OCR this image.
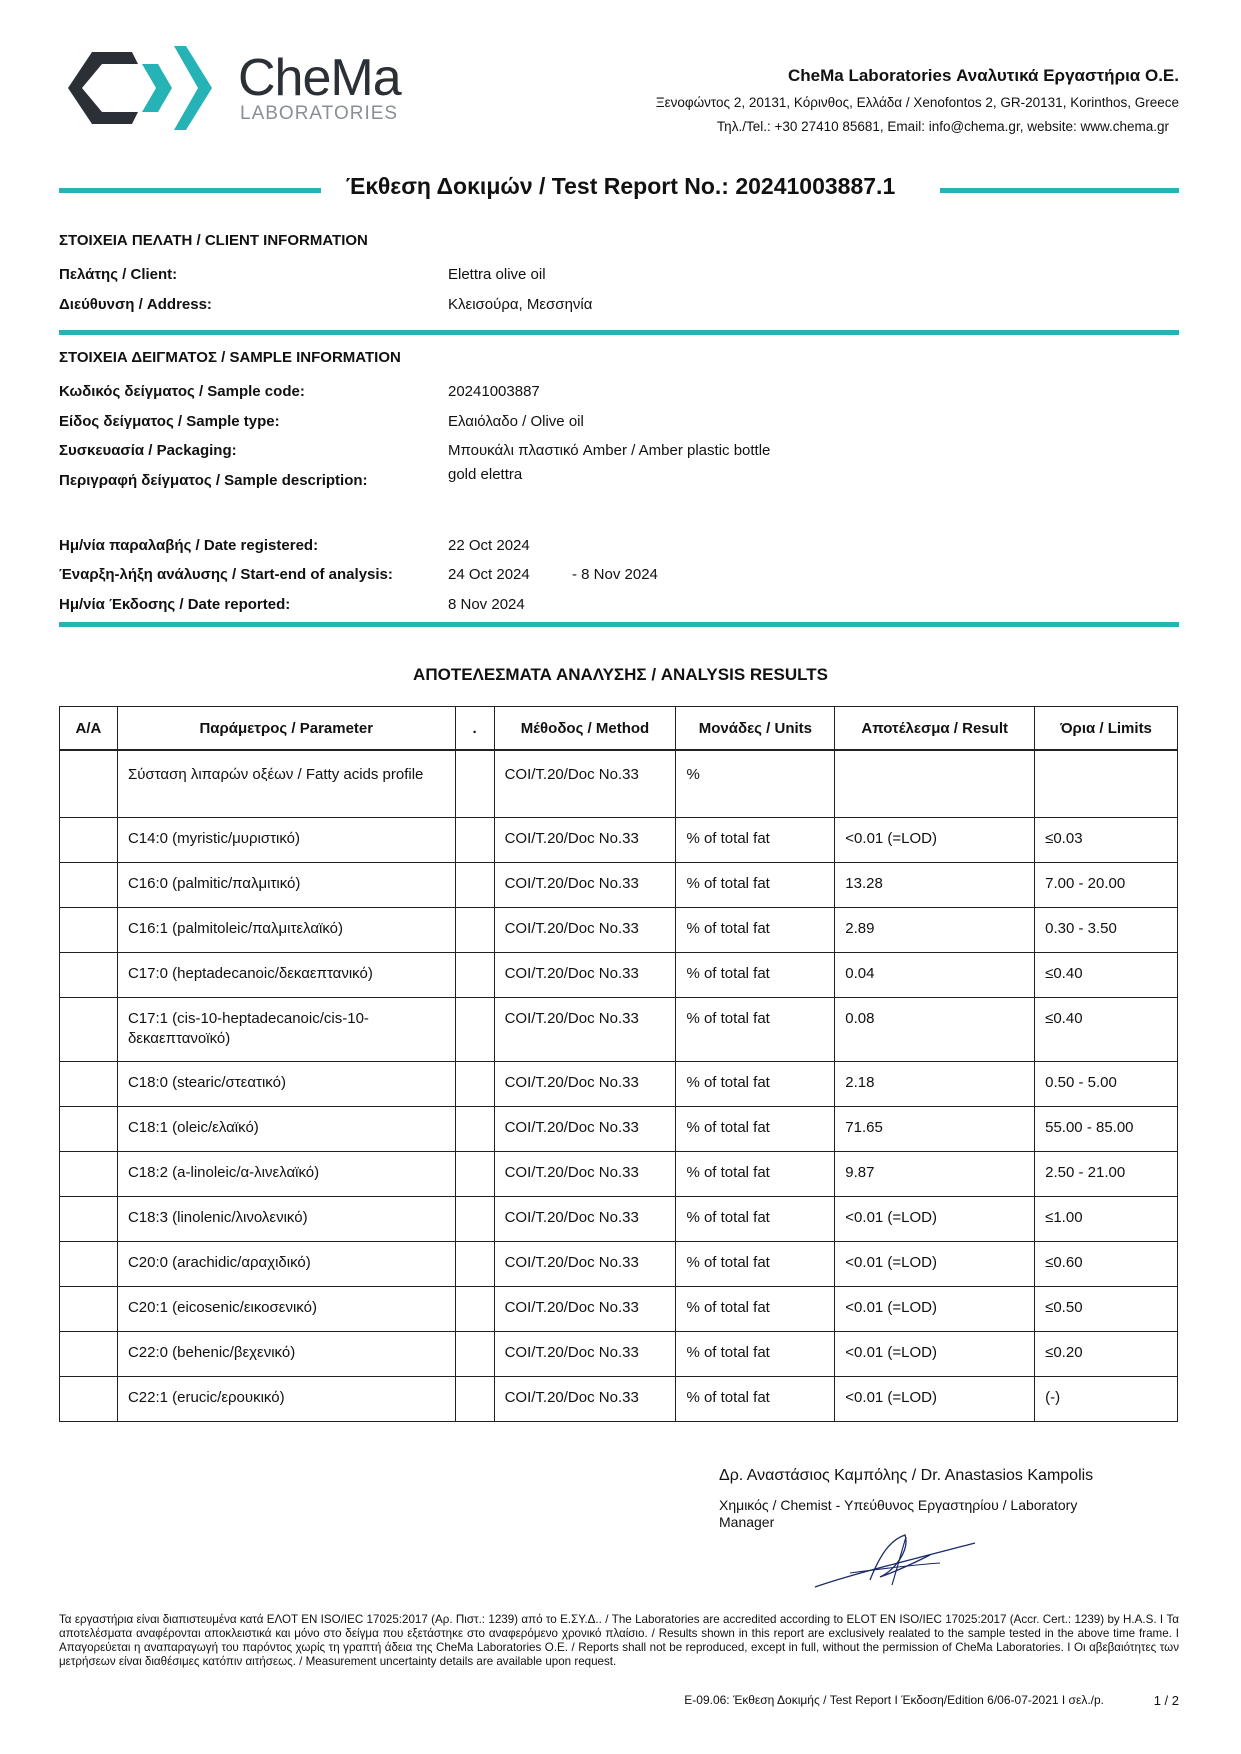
CheMa
LABORATORIES
CheMa Laboratories Αναλυτικά Εργαστήρια Ο.Ε.
Ξενοφώντος 2, 20131, Κόρινθος, Ελλάδα / Xenofontos 2, GR-20131, Korinthos, Greece
Τηλ./Tel.: +30 27410 85681, Email: info@chema.gr, website: www.chema.gr
Έκθεση Δοκιμών / Test Report No.: 20241003887.1
ΣΤΟΙΧΕΙΑ ΠΕΛΑΤΗ / CLIENT INFORMATION
Πελάτης / Client:	Elettra olive oil
Διεύθυνση / Address:	Κλεισούρα, Μεσσηνία
ΣΤΟΙΧΕΙΑ ΔΕΙΓΜΑΤΟΣ / SAMPLE INFORMATION
Κωδικός δείγματος / Sample code:	20241003887
Είδος δείγματος / Sample type:	Ελαιόλαδο / Olive oil
Συσκευασία / Packaging:	Μπουκάλι πλαστικό Amber / Amber plastic bottle
Περιγραφή δείγματος / Sample description:	gold elettra
Ημ/νία παραλαβής / Date registered:	22 Oct 2024
Έναρξη-λήξη ανάλυσης / Start-end of analysis:	24 Oct 2024	- 8 Nov 2024
Ημ/νία Έκδοσης / Date reported:	8 Nov 2024
ΑΠΟΤΕΛΕΣΜΑΤΑ ΑΝΑΛΥΣΗΣ / ANALYSIS RESULTS
A/A	Παράμετρος / Parameter	.	Μέθοδος / Method	Μονάδες / Units	Αποτέλεσμα / Result	Όρια / Limits
	Σύσταση λιπαρών οξέων / Fatty acids profile		COI/T.20/Doc No.33	%		
	C14:0 (myristic/μυριστικό)		COI/T.20/Doc No.33	% of total fat	<0.01 (=LOD)	≤0.03
	C16:0 (palmitic/παλμιτικό)		COI/T.20/Doc No.33	% of total fat	13.28	7.00 - 20.00
	C16:1 (palmitoleic/παλμιτελαϊκό)		COI/T.20/Doc No.33	% of total fat	2.89	0.30 - 3.50
	C17:0 (heptadecanoic/δεκαεπτανικό)		COI/T.20/Doc No.33	% of total fat	0.04	≤0.40
	C17:1 (cis-10-heptadecanoic/cis-10-δεκαεπτανοϊκό)		COI/T.20/Doc No.33	% of total fat	0.08	≤0.40
	C18:0 (stearic/στεατικό)		COI/T.20/Doc No.33	% of total fat	2.18	0.50 - 5.00
	C18:1 (oleic/ελαϊκό)		COI/T.20/Doc No.33	% of total fat	71.65	55.00 - 85.00
	C18:2 (a-linoleic/α-λινελαϊκό)		COI/T.20/Doc No.33	% of total fat	9.87	2.50 - 21.00
	C18:3 (linolenic/λινολενικό)		COI/T.20/Doc No.33	% of total fat	<0.01 (=LOD)	≤1.00
	C20:0 (arachidic/αραχιδικό)		COI/T.20/Doc No.33	% of total fat	<0.01 (=LOD)	≤0.60
	C20:1 (eicosenic/εικοσενικό)		COI/T.20/Doc No.33	% of total fat	<0.01 (=LOD)	≤0.50
	C22:0 (behenic/βεχενικό)		COI/T.20/Doc No.33	% of total fat	<0.01 (=LOD)	≤0.20
	C22:1 (erucic/ερουκικό)		COI/T.20/Doc No.33	% of total fat	<0.01 (=LOD)	(-)
Δρ. Αναστάσιος Καμπόλης / Dr. Anastasios Kampolis
Χημικός / Chemist - Υπεύθυνος Εργαστηρίου / Laboratory Manager
Τα εργαστήρια είναι διαπιστευμένα κατά ΕΛΟΤ EN ISO/IEC 17025:2017 (Αρ. Πιστ.: 1239) από το Ε.ΣΥ.Δ.. / The Laboratories are accredited according to ELOT EN ISO/IEC 17025:2017 (Accr. Cert.: 1239) by H.A.S. I Τα αποτελέσματα αναφέρονται αποκλειστικά και μόνο στο δείγμα που εξετάστηκε στο αναφερόμενο χρονικό πλαίσιο. / Results shown in this report are exclusively realated to the sample tested in the above time frame. I Απαγορεύεται η αναπαραγωγή του παρόντος χωρίς τη γραπτή άδεια της CheMa Laboratories O.E. / Reports shall not be reproduced, except in full, without the permission of CheMa Laboratories. I Οι αβεβαιότητες των μετρήσεων είναι διαθέσιμες κατόπιν αιτήσεως. / Measurement uncertainty details are available upon request.
E-09.06: Έκθεση Δοκιμής / Test Report I Έκδοση/Edition 6/06-07-2021 I σελ./p.	1 / 2
